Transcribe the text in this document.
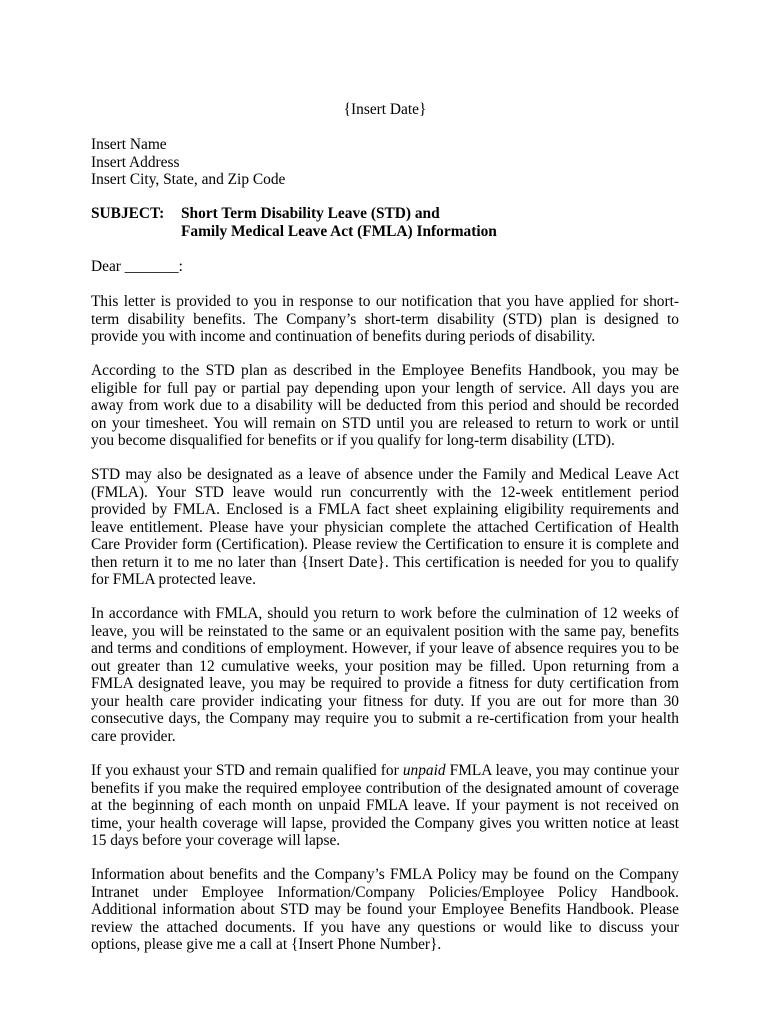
{Insert Date}
Insert Name
Insert Address
Insert City, State, and Zip Code
SUBJECT: Short Term Disability Leave (STD) and
Family Medical Leave Act (FMLA) Information
Dear _______:

This letter is provided to you in response to our notification that you have applied for short-term disability benefits. The Company’s short-term disability (STD) plan is designed to provide you with income and continuation of benefits during periods of disability.

According to the STD plan as described in the Employee Benefits Handbook, you may be eligible for full pay or partial pay depending upon your length of service. All days you are away from work due to a disability will be deducted from this period and should be recorded on your timesheet. You will remain on STD until you are released to return to work or until you become disqualified for benefits or if you qualify for long-term disability (LTD).

STD may also be designated as a leave of absence under the Family and Medical Leave Act (FMLA). Your STD leave would run concurrently with the 12-week entitlement period provided by FMLA. Enclosed is a FMLA fact sheet explaining eligibility requirements and leave entitlement. Please have your physician complete the attached Certification of Health Care Provider form (Certification). Please review the Certification to ensure it is complete and then return it to me no later than {Insert Date}. This certification is needed for you to qualify for FMLA protected leave.

In accordance with FMLA, should you return to work before the culmination of 12 weeks of leave, you will be reinstated to the same or an equivalent position with the same pay, benefits and terms and conditions of employment. However, if your leave of absence requires you to be out greater than 12 cumulative weeks, your position may be filled. Upon returning from a FMLA designated leave, you may be required to provide a fitness for duty certification from your health care provider indicating your fitness for duty. If you are out for more than 30 consecutive days, the Company may require you to submit a re-certification from your health care provider.

If you exhaust your STD and remain qualified for unpaid FMLA leave, you may continue your benefits if you make the required employee contribution of the designated amount of coverage at the beginning of each month on unpaid FMLA leave. If your payment is not received on time, your health coverage will lapse, provided the Company gives you written notice at least 15 days before your coverage will lapse.

Information about benefits and the Company’s FMLA Policy may be found on the Company Intranet under Employee Information/Company Policies/Employee Policy Handbook. Additional information about STD may be found your Employee Benefits Handbook. Please review the attached documents. If you have any questions or would like to discuss your options, please give me a call at {Insert Phone Number}.
